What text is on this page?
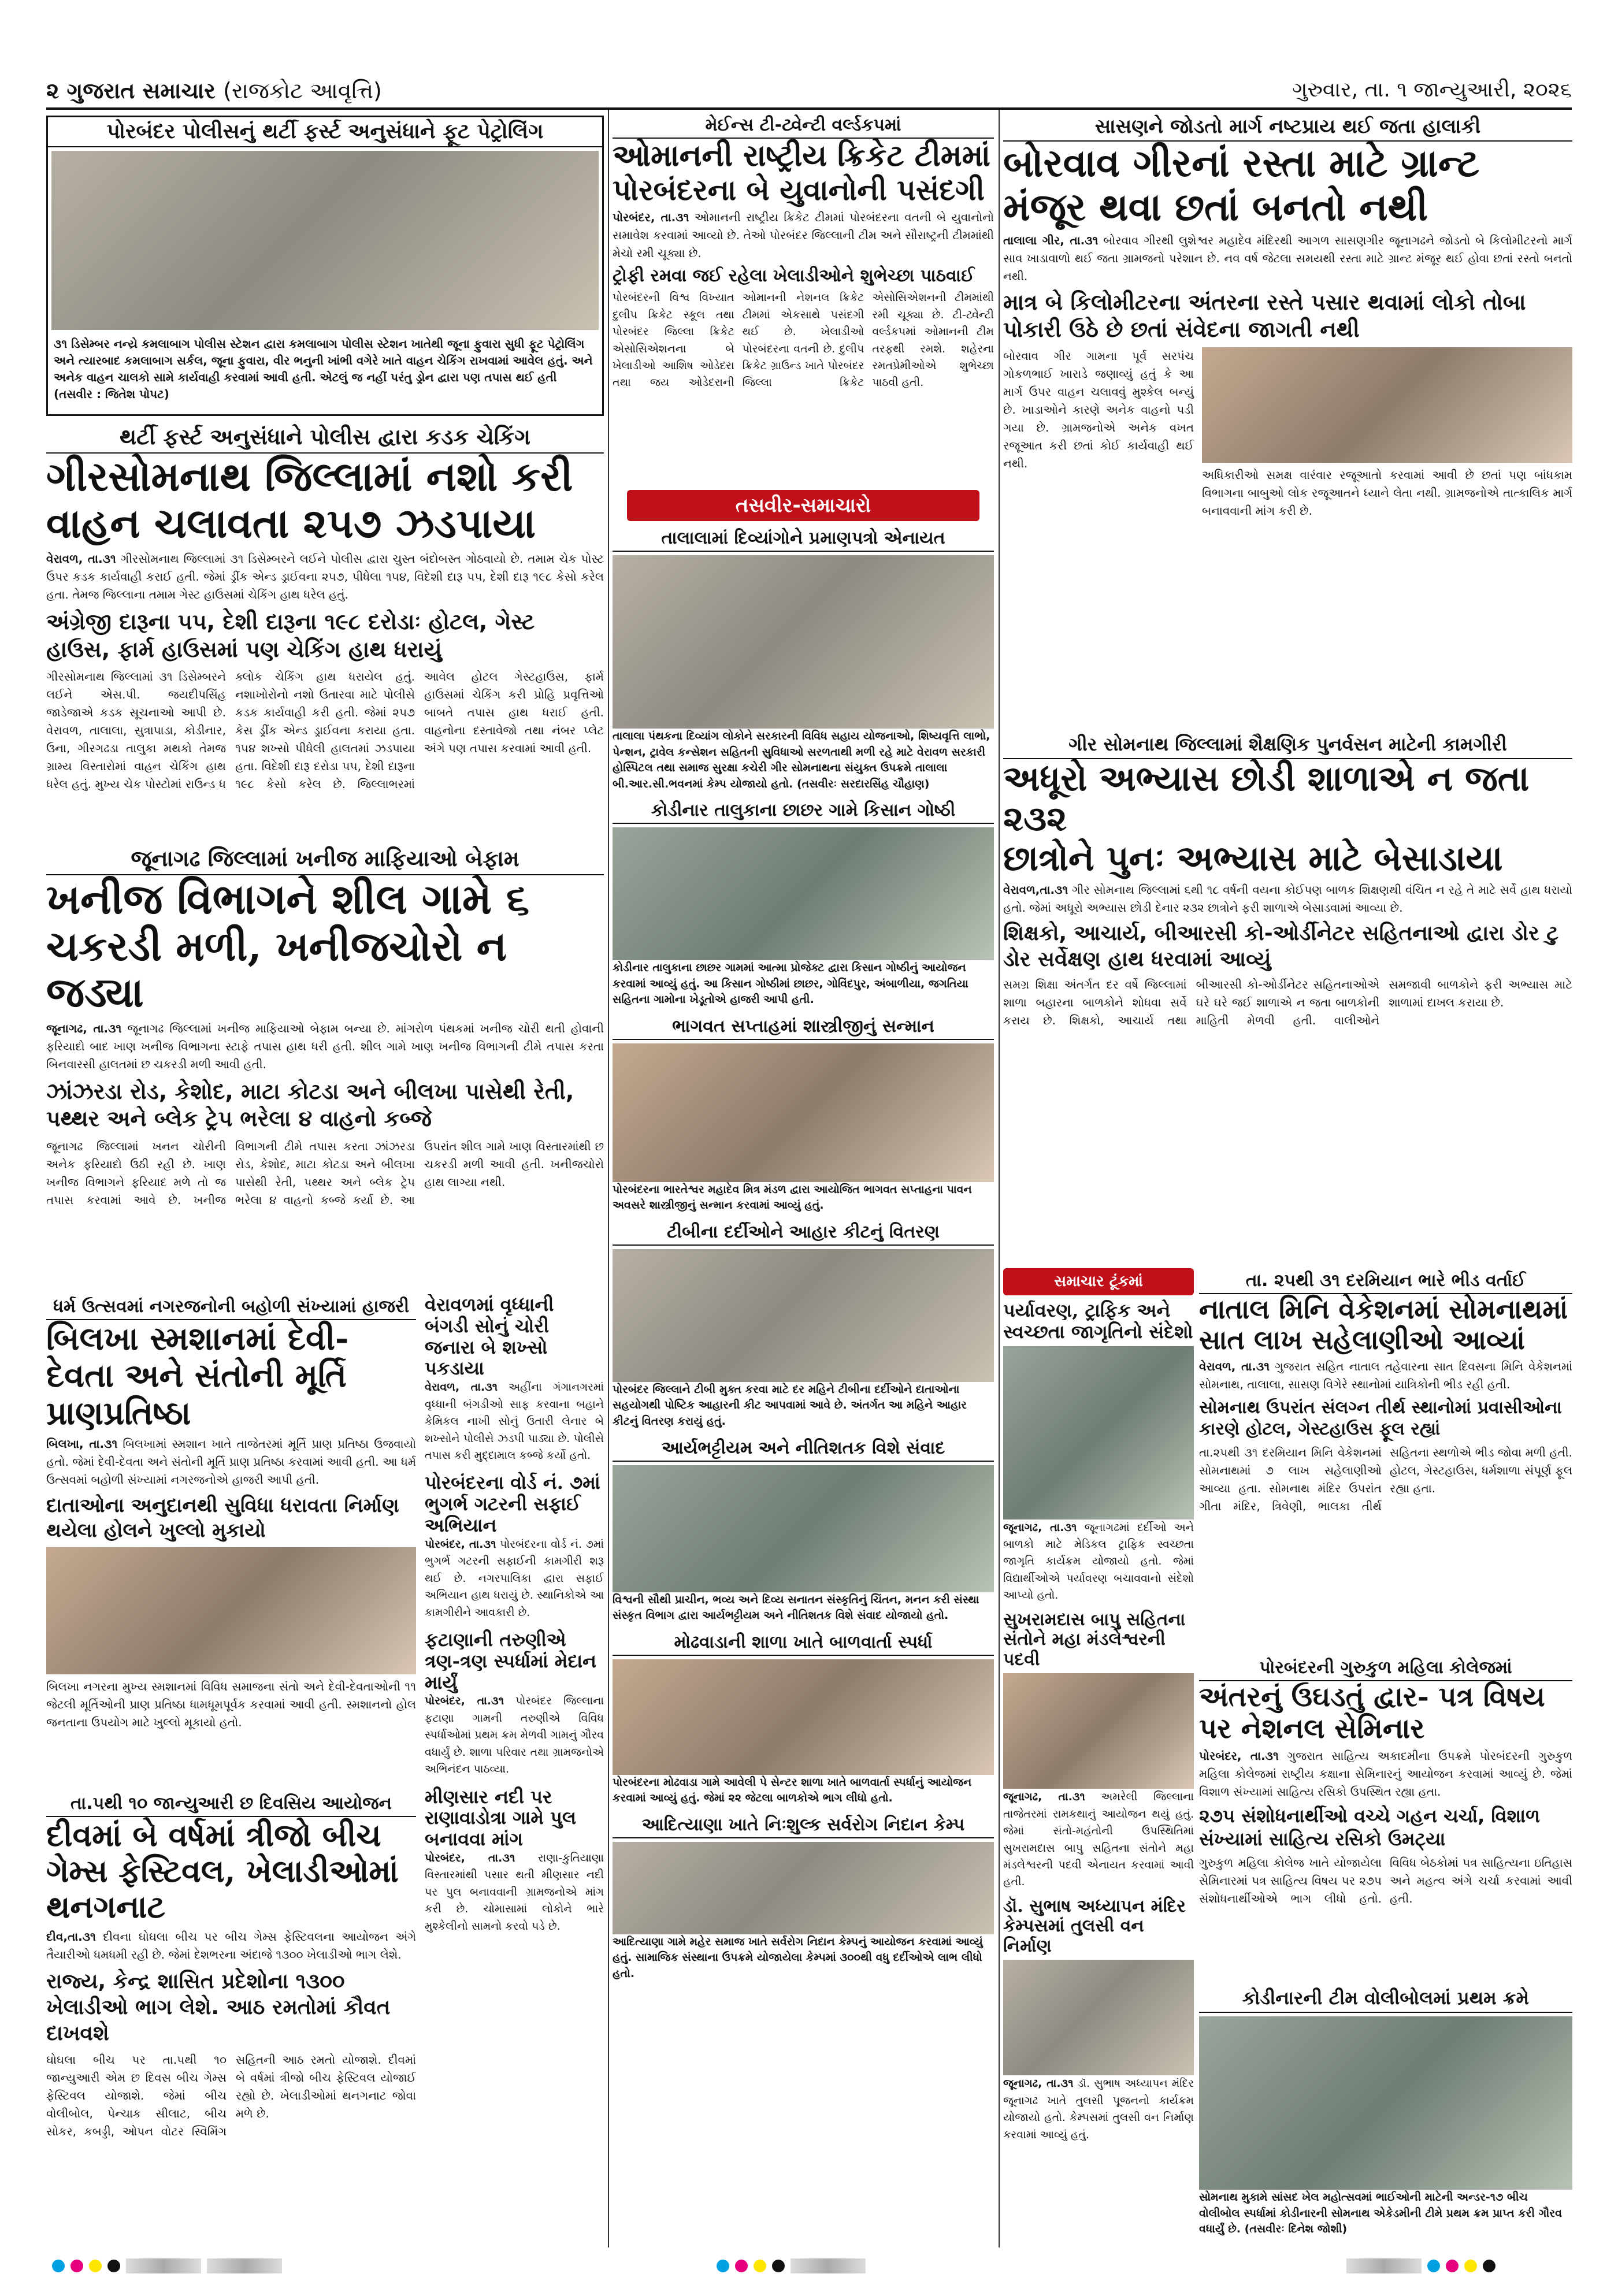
૨ ગુજરાત સમાચાર (રાજકોટ આવૃત્તિ)	ગુરુવાર, તા. ૧ જાન્યુઆરી, ૨૦૨૬
પોરબંદર પોલીસનું થર્ટી ફર્સ્ટ અનુસંધાને ફૂટ પેટ્રોલિંગ
૩૧ ડિસેમ્બર નન્ય્રે કમલાબાગ પોલીસ સ્ટેશન દ્વારા કમલાબાગ પોલીસ સ્ટેશન ખાતેથી જૂના ફુવારા સુધી ફૂટ પેટ્રોલિંગ અને ત્યારબાદ કમલાબાગ સર્કલ, જૂના ફુવારા, વીર ભનુની ખાંભી વગેરે ખાતે વાહન ચેકિંગ રાખવામાં આવેલ હતું. અને અનેક વાહન ચાલકો સામે કાર્યવાહી કરવામાં આવી હતી. એટલું જ નહીં પરંતુ ડ્રોન દ્વારા પણ તપાસ થઈ હતી (તસવીર : જિતેશ પોપટ)
થર્ટી ફર્સ્ટ અનુસંધાને પોલીસ દ્વારા કડક ચેકિંગ
ગીરસોમનાથ જિલ્લામાં નશો કરી
વાહન ચલાવતા ૨૫૭ ઝડપાયા
વેરાવળ, તા.૩૧ ગીરસોમનાથ જિલ્લામાં ૩૧ ડિસેમ્બરને લઈને પોલીસ દ્વારા ચુસ્ત બંદોબસ્ત ગોઠવાયો છે. તમામ ચેક પોસ્ટ ઉપર કડક કાર્યવાહી કરાઈ હતી. જેમાં ડ્રીંક એન્ડ ડ્રાઈવના ૨૫૭, પીધેલા ૧૫૪, વિદેશી દારૂ ૫૫, દેશી દારૂ ૧૯૮ કેસો કરેલ હતા. તેમજ જિલ્લાના તમામ ગેસ્ટ હાઉસમાં ચેકિંગ હાથ ધરેલ હતું.
અંગ્રેજી દારૂના ૫૫, દેશી દારૂના ૧૯૮ દરોડાઃ હોટલ, ગેસ્ટ હાઉસ, ફાર્મ હાઉસમાં પણ ચેકિંગ હાથ ધરાયું
ગીરસોમનાથ જિલ્લામાં ૩૧ ડિસેમ્બરને લઈને એસ.પી. જયદીપસિંહ જાડેજાએ કડક સૂચનાઓ આપી છે. વેરાવળ, તાલાલા, સુત્રાપાડા, કોડીનાર, ઉના, ગીરગઢડા તાલુકા મથકો તેમજ ગ્રામ્ય વિસ્તારોમાં વાહન ચેકિંગ હાથ ધરેલ હતું. મુખ્ય ચેક પોસ્ટોમાં રાઉન્ડ ધ ક્લોક ચેકિંગ હાથ ધરાયેલ હતું. નશાખોરોનો નશો ઉતારવા માટે પોલીસે કડક કાર્યવાહી કરી હતી. જેમાં ૨૫૭ કેસ ડ્રીંક એન્ડ ડ્રાઈવના કરાયા હતા. ૧૫૪ શખ્સો પીધેલી હાલતમાં ઝડપાયા હતા. વિદેશી દારૂ દરોડા ૫૫, દેશી દારૂના ૧૯૮ કેસો કરેલ છે. જિલ્લાભરમાં આવેલ હોટલ ગેસ્ટહાઉસ, ફાર્મ હાઉસમાં ચેકિંગ કરી પ્રોહિ પ્રવૃત્તિઓ બાબતે તપાસ હાથ ધરાઈ હતી. વાહનોના દસ્તાવેજો તથા નંબર પ્લેટ અંગે પણ તપાસ કરવામાં આવી હતી.
જૂનાગઢ જિલ્લામાં ખનીજ માફિયાઓ બેફામ
ખનીજ વિભાગને શીલ ગામે ૬
ચકરડી મળી, ખનીજચોરો ન જડ્યા
જૂનાગઢ, તા.૩૧ જૂનાગઢ જિલ્લામાં ખનીજ માફિયાઓ બેફામ બન્યા છે. માંગરોળ પંથકમાં ખનીજ ચોરી થતી હોવાની ફરિયાદો બાદ ખાણ ખનીજ વિભાગના સ્ટાફે તપાસ હાથ ધરી હતી. શીલ ગામે ખાણ ખનીજ વિભાગની ટીમે તપાસ કરતા બિનવારસી હાલતમાં છ ચકરડી મળી આવી હતી.
ઝાંઝરડા રોડ, કેશોદ, માટા કોટડા અને બીલખા પાસેથી રેતી, પથ્થર અને બ્લેક ટ્રેપ ભરેલા ૪ વાહનો કબ્જે
જૂનાગઢ જિલ્લામાં ખનન ચોરીની અનેક ફરિયાદો ઉઠી રહી છે. ખાણ ખનીજ વિભાગને ફરિયાદ મળે તો જ તપાસ કરવામાં આવે છે. ખનીજ વિભાગની ટીમે તપાસ કરતા ઝાંઝરડા રોડ, કેશોદ, માટા કોટડા અને બીલખા પાસેથી રેતી, પથ્થર અને બ્લેક ટ્રેપ ભરેલા ૪ વાહનો કબ્જે કર્યા છે. આ ઉપરાંત શીલ ગામે ખાણ વિસ્તારમાંથી છ ચકરડી મળી આવી હતી. ખનીજચોરો હાથ લાગ્યા નથી.
ધર્મ ઉત્સવમાં નગરજનોની બહોળી સંખ્યામાં હાજરી
બિલખા સ્મશાનમાં દેવી-દેવતા અને સંતોની મૂર્તિ પ્રાણપ્રતિષ્ઠા
બિલખા, તા.૩૧ બિલખામાં સ્મશાન ખાતે તાજેતરમાં મૂર્તિ પ્રાણ પ્રતિષ્ઠા ઉજવાયો હતો. જેમાં દેવી-દેવતા અને સંતોની મૂર્તિ પ્રાણ પ્રતિષ્ઠા કરવામાં આવી હતી. આ ધર્મ ઉત્સવમાં બહોળી સંખ્યામાં નગરજનોએ હાજરી આપી હતી.
દાતાઓના અનુદાનથી સુવિધા ધરાવતા નિર્માણ થયેલા હોલને ખુલ્લો મુકાયો
બિલખા નગરના મુખ્ય સ્મશાનમાં વિવિધ સમાજના સંતો અને દેવી-દેવતાઓની ૧૧ જેટલી મૂર્તિઓની પ્રાણ પ્રતિષ્ઠા ધામધૂમપૂર્વક કરવામાં આવી હતી. સ્મશાનનો હોલ જનતાના ઉપયોગ માટે ખુલ્લો મૂકાયો હતો.
તા.૫થી ૧૦ જાન્યુઆરી છ દિવસિય આયોજન
દીવમાં બે વર્ષમાં ત્રીજો બીચ ગેમ્સ ફેસ્ટિવલ, ખેલાડીઓમાં થનગનાટ
દીવ,તા.૩૧ દીવના ઘોઘલા બીચ પર બીચ ગેમ્સ ફેસ્ટિવલના આયોજન અંગે તૈયારીઓ ધમધમી રહી છે. જેમાં દેશભરના અંદાજે ૧૩૦૦ ખેલાડીઓ ભાગ લેશે.
રાજ્ય, કેન્દ્ર શાસિત પ્રદેશોના ૧૩૦૦ ખેલાડીઓ ભાગ લેશે. આઠ રમતોમાં કૌવત દાખવશે
ઘોઘલા બીચ પર તા.૫થી ૧૦ જાન્યુઆરી એમ છ દિવસ બીચ ગેમ્સ ફેસ્ટિવલ યોજાશે. જેમાં બીચ વોલીબોલ, પેન્ચાક સીલાટ, બીચ સોકર, કબડ્ડી, ઓપન વોટર સ્વિમિંગ સહિતની આઠ રમતો યોજાશે. દીવમાં બે વર્ષમાં ત્રીજો બીચ ફેસ્ટિવલ યોજાઈ રહ્યો છે. ખેલાડીઓમાં થનગનાટ જોવા મળે છે.
વેરાવળમાં વૃધ્ધાની બંગડી સોનું ચોરી જનારા બે શખ્સો પકડાયા
વેરાવળ, તા.૩૧ અહીંના ગંગાનગરમાં વૃધ્ધાની બંગડીઓ સાફ કરવાના બહાને કેમિકલ નાખી સોનું ઉતારી લેનાર બે શખ્સોને પોલીસે ઝડપી પાડ્યા છે. પોલીસે તપાસ કરી મુદ્દામાલ કબ્જે કર્યો હતો.
પોરબંદરના વોર્ડ નં. ૭માં ભુગર્ભ ગટરની સફાઈ અભિયાન
પોરબંદર, તા.૩૧ પોરબંદરના વોર્ડ નં. ૭માં ભુગર્ભ ગટરની સફાઈની કામગીરી શરૂ થઈ છે. નગરપાલિકા દ્વારા સફાઈ અભિયાન હાથ ધરાયું છે. સ્થાનિકોએ આ કામગીરીને આવકારી છે.
ફટાણાની તરુણીએ ત્રણ-ત્રણ સ્પર્ધામાં મેદાન માર્યું
પોરબંદર, તા.૩૧ પોરબંદર જિલ્લાના ફટાણા ગામની તરુણીએ વિવિધ સ્પર્ધાઓમાં પ્રથમ ક્રમ મેળવી ગામનું ગૌરવ વધાર્યું છે. શાળા પરિવાર તથા ગ્રામજનોએ અભિનંદન પાઠવ્યા.
મીણસાર નદી પર રાણાવાડોત્રા ગામે પુલ બનાવવા માંગ
પોરબંદર, તા.૩૧ રાણા-કુતિયાણા વિસ્તારમાંથી પસાર થતી મીણસાર નદી પર પુલ બનાવવાની ગ્રામજનોએ માંગ કરી છે. ચોમાસામાં લોકોને ભારે મુશ્કેલીનો સામનો કરવો પડે છે.
મેઈન્સ ટી-ટ્વેન્ટી વર્લ્ડકપમાં
ઓમાનની રાષ્ટ્રીય ક્રિકેટ ટીમમાં
પોરબંદરના બે યુવાનોની પસંદગી
પોરબંદર, તા.૩૧ ઓમાનની રાષ્ટ્રીય ક્રિકેટ ટીમમાં પોરબંદરના વતની બે યુવાનોનો સમાવેશ કરવામાં આવ્યો છે. તેઓ પોરબંદર જિલ્લાની ટીમ અને સૌરાષ્ટ્રની ટીમમાંથી મેચો રમી ચૂક્યા છે.
ટ્રોફી રમવા જઈ રહેલા ખેલાડીઓને શુભેચ્છા પાઠવાઈ
પોરબંદરની વિશ્વ વિખ્યાત દુલીપ ક્રિકેટ સ્કૂલ તથા પોરબંદર જિલ્લા ક્રિકેટ એસોસિએશનના બે ખેલાડીઓ આશિષ ઓડેદરા તથા જય ઓડેદરાની ઓમાનની નેશનલ ક્રિકેટ ટીમમાં એકસાથે પસંદગી થઈ છે. ખેલાડીઓ પોરબંદરના વતની છે. દુલીપ ક્રિકેટ ગ્રાઉન્ડ ખાતે પોરબંદર જિલ્લા ક્રિકેટ એસોસિએશનની ટીમમાંથી રમી ચૂક્યા છે. ટી-ટ્વેન્ટી વર્લ્ડકપમાં ઓમાનની ટીમ તરફથી રમશે. શહેરના રમતપ્રેમીઓએ શુભેચ્છા પાઠવી હતી.
તસવીર-સમાચારો
તાલાલામાં દિવ્યાંગોને પ્રમાણપત્રો એનાયત
તાલાલા પંથકના દિવ્યાંગ લોકોને સરકારની વિવિધ સહાય યોજનાઓ, શિષ્યવૃત્તિ લાભો, પેન્શન, ટ્રાવેલ કન્સેશન સહિતની સુવિધાઓ સરળતાથી મળી રહે માટે વેરાવળ સરકારી હોસ્પિટલ તથા સમાજ સુરક્ષા કચેરી ગીર સોમનાથના સંયુક્ત ઉપક્રમે તાલાલા બી.આર.સી.ભવનમાં કેમ્પ યોજાયો હતો. (તસવીરઃ સરદારસિંહ ચૌહાણ)
કોડીનાર તાલુકાના છાછર ગામે કિસાન ગોષ્ઠી
કોડીનાર તાલુકાના છાછર ગામમાં આત્મા પ્રોજેક્ટ દ્વારા કિસાન ગોષ્ઠીનું આયોજન કરવામાં આવ્યું હતું. આ કિસાન ગોષ્ઠીમાં છાછર, ગોવિંદપુર, અંબાળીયા, જગતિયા સહિતના ગામોના ખેડૂતોએ હાજરી આપી હતી.
ભાગવત સપ્તાહમાં શાસ્ત્રીજીનું સન્માન
પોરબંદરના ભારતેશ્વર મહાદેવ મિત્ર મંડળ દ્વારા આયોજિત ભાગવત સપ્તાહના પાવન અવસરે શાસ્ત્રીજીનું સન્માન કરવામાં આવ્યું હતું.
ટીબીના દર્દીઓને આહાર કીટનું વિતરણ
પોરબંદર જિલ્લાને ટીબી મુક્ત કરવા માટે દર મહિને ટીબીના દર્દીઓને દાતાઓના સહયોગથી પોષ્ટિક આહારની કીટ આપવામાં આવે છે. અંતર્ગત આ મહિને આહાર કીટનું વિતરણ કરાયું હતું.
આર્યભટ્ટીયમ અને નીતિશતક વિશે સંવાદ
વિશ્વની સૌથી પ્રાચીન, ભવ્ય અને દિવ્ય સનાતન સંસ્કૃતિનું ચિંતન, મનન કરી સંસ્થા સંસ્કૃત વિભાગ દ્વારા આર્યભટ્ટીયમ અને નીતિશતક વિશે સંવાદ યોજાયો હતો.
મોઢવાડાની શાળા ખાતે બાળવાર્તા સ્પર્ધા
પોરબંદરના મોઢવાડા ગામે આવેલી પે સેન્ટર શાળા ખાતે બાળવાર્તા સ્પર્ધાનું આયોજન કરવામાં આવ્યું હતું. જેમાં ૨૨ જેટલા બાળકોએ ભાગ લીધો હતો.
આદિત્યાણા ખાતે નિઃશુલ્ક સર્વરોગ નિદાન કેમ્પ
આદિત્યાણા ગામે મહેર સમાજ ખાતે સર્વરોગ નિદાન કેમ્પનું આયોજન કરવામાં આવ્યું હતું. સામાજિક સંસ્થાના ઉપક્રમે યોજાયેલા કેમ્પમાં ૩૦૦થી વધુ દર્દીઓએ લાભ લીધો હતો.
સાસણને જોડતો માર્ગ નષ્ટપ્રાય થઈ જતા હાલાકી
બોરવાવ ગીરનાં રસ્તા માટે ગ્રાન્ટ
મંજૂર થવા છતાં બનતો નથી
તાલાલા ગીર, તા.૩૧ બોરવાવ ગીરથી લુશેશ્વર મહાદેવ મંદિરથી આગળ સાસણગીર જૂનાગઢને જોડતો બે કિલોમીટરનો માર્ગ સાવ ખાડાવાળો થઈ જતા ગ્રામજનો પરેશાન છે. નવ વર્ષ જેટલા સમયથી રસ્તા માટે ગ્રાન્ટ મંજૂર થઈ હોવા છતાં રસ્તો બનતો નથી.
માત્ર બે કિલોમીટરના અંતરના રસ્તે પસાર થવામાં લોકો તોબા પોકારી ઉઠે છે છતાં સંવેદના જાગતી નથી
બોરવાવ ગીર ગામના પૂર્વ સરપંચ ગોકળભાઈ ખારાડે જણાવ્યું હતું કે આ માર્ગ ઉપર વાહન ચલાવવું મુશ્કેલ બન્યું છે. ખાડાઓને કારણે અનેક વાહનો પડી ગયા છે. ગ્રામજનોએ અનેક વખત રજૂઆત કરી છતાં કોઈ કાર્યવાહી થઈ નથી.
અધિકારીઓ સમક્ષ વારંવાર રજૂઆતો કરવામાં આવી છે છતાં પણ બાંધકામ વિભાગના બાબુઓ લોક રજૂઆતને ધ્યાને લેતા નથી. ગ્રામજનોએ તાત્કાલિક માર્ગ બનાવવાની માંગ કરી છે.
ગીર સોમનાથ જિલ્લામાં શૈક્ષણિક પુનર્વસન માટેની કામગીરી
અધૂરો અભ્યાસ છોડી શાળાએ ન જતા ૨૩૨
છાત્રોને પુનઃ અભ્યાસ માટે બેસાડાયા
વેરાવળ,તા.૩૧ ગીર સોમનાથ જિલ્લામાં ૬થી ૧૮ વર્ષની વયના કોઈપણ બાળક શિક્ષણથી વંચિત ન રહે તે માટે સર્વે હાથ ધરાયો હતો. જેમાં અધૂરો અભ્યાસ છોડી દેનાર ૨૩૨ છાત્રોને ફરી શાળાએ બેસાડવામાં આવ્યા છે.
શિક્ષકો, આચાર્ય, બીઆરસી કો-ઓર્ડીનેટર સહિતનાઓ દ્વારા ડોર ટુ ડોર સર્વેક્ષણ હાથ ધરવામાં આવ્યું
સમગ્ર શિક્ષા અંતર્ગત દર વર્ષે જિલ્લામાં શાળા બહારના બાળકોને શોધવા સર્વે કરાય છે. શિક્ષકો, આચાર્ય તથા બીઆરસી કો-ઓર્ડીનેટર સહિતનાઓએ ઘરે ઘરે જઈ શાળાએ ન જતા બાળકોની માહિતી મેળવી હતી. વાલીઓને સમજાવી બાળકોને ફરી અભ્યાસ માટે શાળામાં દાખલ કરાયા છે.
સમાચાર ટૂંકમાં
પર્યાવરણ, ટ્રાફિક અને સ્વચ્છતા જાગૃતિનો સંદેશો
જૂનાગઢ, તા.૩૧ જૂનાગઢમાં દર્દીઓ અને બાળકો માટે મેડિકલ ટ્રાફિક સ્વચ્છતા જાગૃતિ કાર્યક્રમ યોજાયો હતો. જેમાં વિદ્યાર્થીઓએ પર્યાવરણ બચાવવાનો સંદેશો આપ્યો હતો.
સુખરામદાસ બાપુ સહિતના સંતોને મહા મંડલેશ્વરની પદવી
જૂનાગઢ, તા.૩૧ અમરેલી જિલ્લાના તાજેતરમાં રામકથાનું આયોજન થયું હતું. જેમાં સંતો-મહંતોની ઉપસ્થિતિમાં સુખરામદાસ બાપુ સહિતના સંતોને મહા મંડલેશ્વરની પદવી એનાયત કરવામાં આવી હતી.
ડૉ. સુભાષ અધ્યાપન મંદિર કેમ્પસમાં તુલસી વન નિર્માણ
જૂનાગઢ, તા.૩૧ ડૉ. સુભાષ અધ્યાપન મંદિર જૂનાગઢ ખાતે તુલસી પૂજનનો કાર્યક્રમ યોજાયો હતો. કેમ્પસમાં તુલસી વન નિર્માણ કરવામાં આવ્યું હતું.
તા. ૨૫થી ૩૧ દરમિયાન ભારે ભીડ વર્તાઈ
નાતાલ મિનિ વેકેશનમાં સોમનાથમાં
સાત લાખ સહેલાણીઓ આવ્યાં
વેરાવળ, તા.૩૧ ગુજરાત સહિત નાતાલ તહેવારના સાત દિવસના મિનિ વેકેશનમાં સોમનાથ, તાલાલા, સાસણ વિગેરે સ્થાનોમાં યાત્રિકોની ભીડ રહી હતી.
સોમનાથ ઉપરાંત સંલગ્ન તીર્થ સ્થાનોમાં પ્રવાસીઓના કારણે હોટલ, ગેસ્ટહાઉસ ફૂલ રહ્યાં
તા.૨૫થી ૩૧ દરમિયાન મિનિ વેકેશનમાં સોમનાથમાં ૭ લાખ સહેલાણીઓ આવ્યા હતા. સોમનાથ મંદિર ઉપરાંત ગીતા મંદિર, ત્રિવેણી, ભાલકા તીર્થ સહિતના સ્થળોએ ભીડ જોવા મળી હતી. હોટલ, ગેસ્ટહાઉસ, ધર્મશાળા સંપૂર્ણ ફૂલ રહ્યા હતા.
પોરબંદરની ગુરુકુળ મહિલા કોલેજમાં
અંતરનું ઉઘડતું દ્વાર- પત્ર વિષય પર નેશનલ સેમિનાર
પોરબંદર, તા.૩૧ ગુજરાત સાહિત્ય અકાદમીના ઉપક્રમે પોરબંદરની ગુરુકુળ મહિલા કોલેજમાં રાષ્ટ્રીય કક્ષાના સેમિનારનું આયોજન કરવામાં આવ્યું છે. જેમાં વિશાળ સંખ્યામાં સાહિત્ય રસિકો ઉપસ્થિત રહ્યા હતા.
૨૭૫ સંશોધનાર્થીઓ વચ્ચે ગહન ચર્ચા, વિશાળ સંખ્યામાં સાહિત્ય રસિકો ઉમટ્યા
ગુરુકુળ મહિલા કોલેજ ખાતે યોજાયેલા સેમિનારમાં પત્ર સાહિત્ય વિષય પર ૨૭૫ સંશોધનાર્થીઓએ ભાગ લીધો હતો. વિવિધ બેઠકોમાં પત્ર સાહિત્યના ઇતિહાસ અને મહત્વ અંગે ચર્ચા કરવામાં આવી હતી.
કોડીનારની ટીમ વોલીબોલમાં પ્રથમ ક્રમે
સોમનાથ મુકામે સાંસદ ખેલ મહોત્સવમાં ભાઈઓની માટેની અન્ડર-૧૭ બીચ વોલીબોલ સ્પર્ધામાં કોડીનારની સોમનાથ એકેડમીની ટીમે પ્રથમ ક્રમ પ્રાપ્ત કરી ગૌરવ વધાર્યું છે. (તસવીરઃ દિનેશ જોશી)
